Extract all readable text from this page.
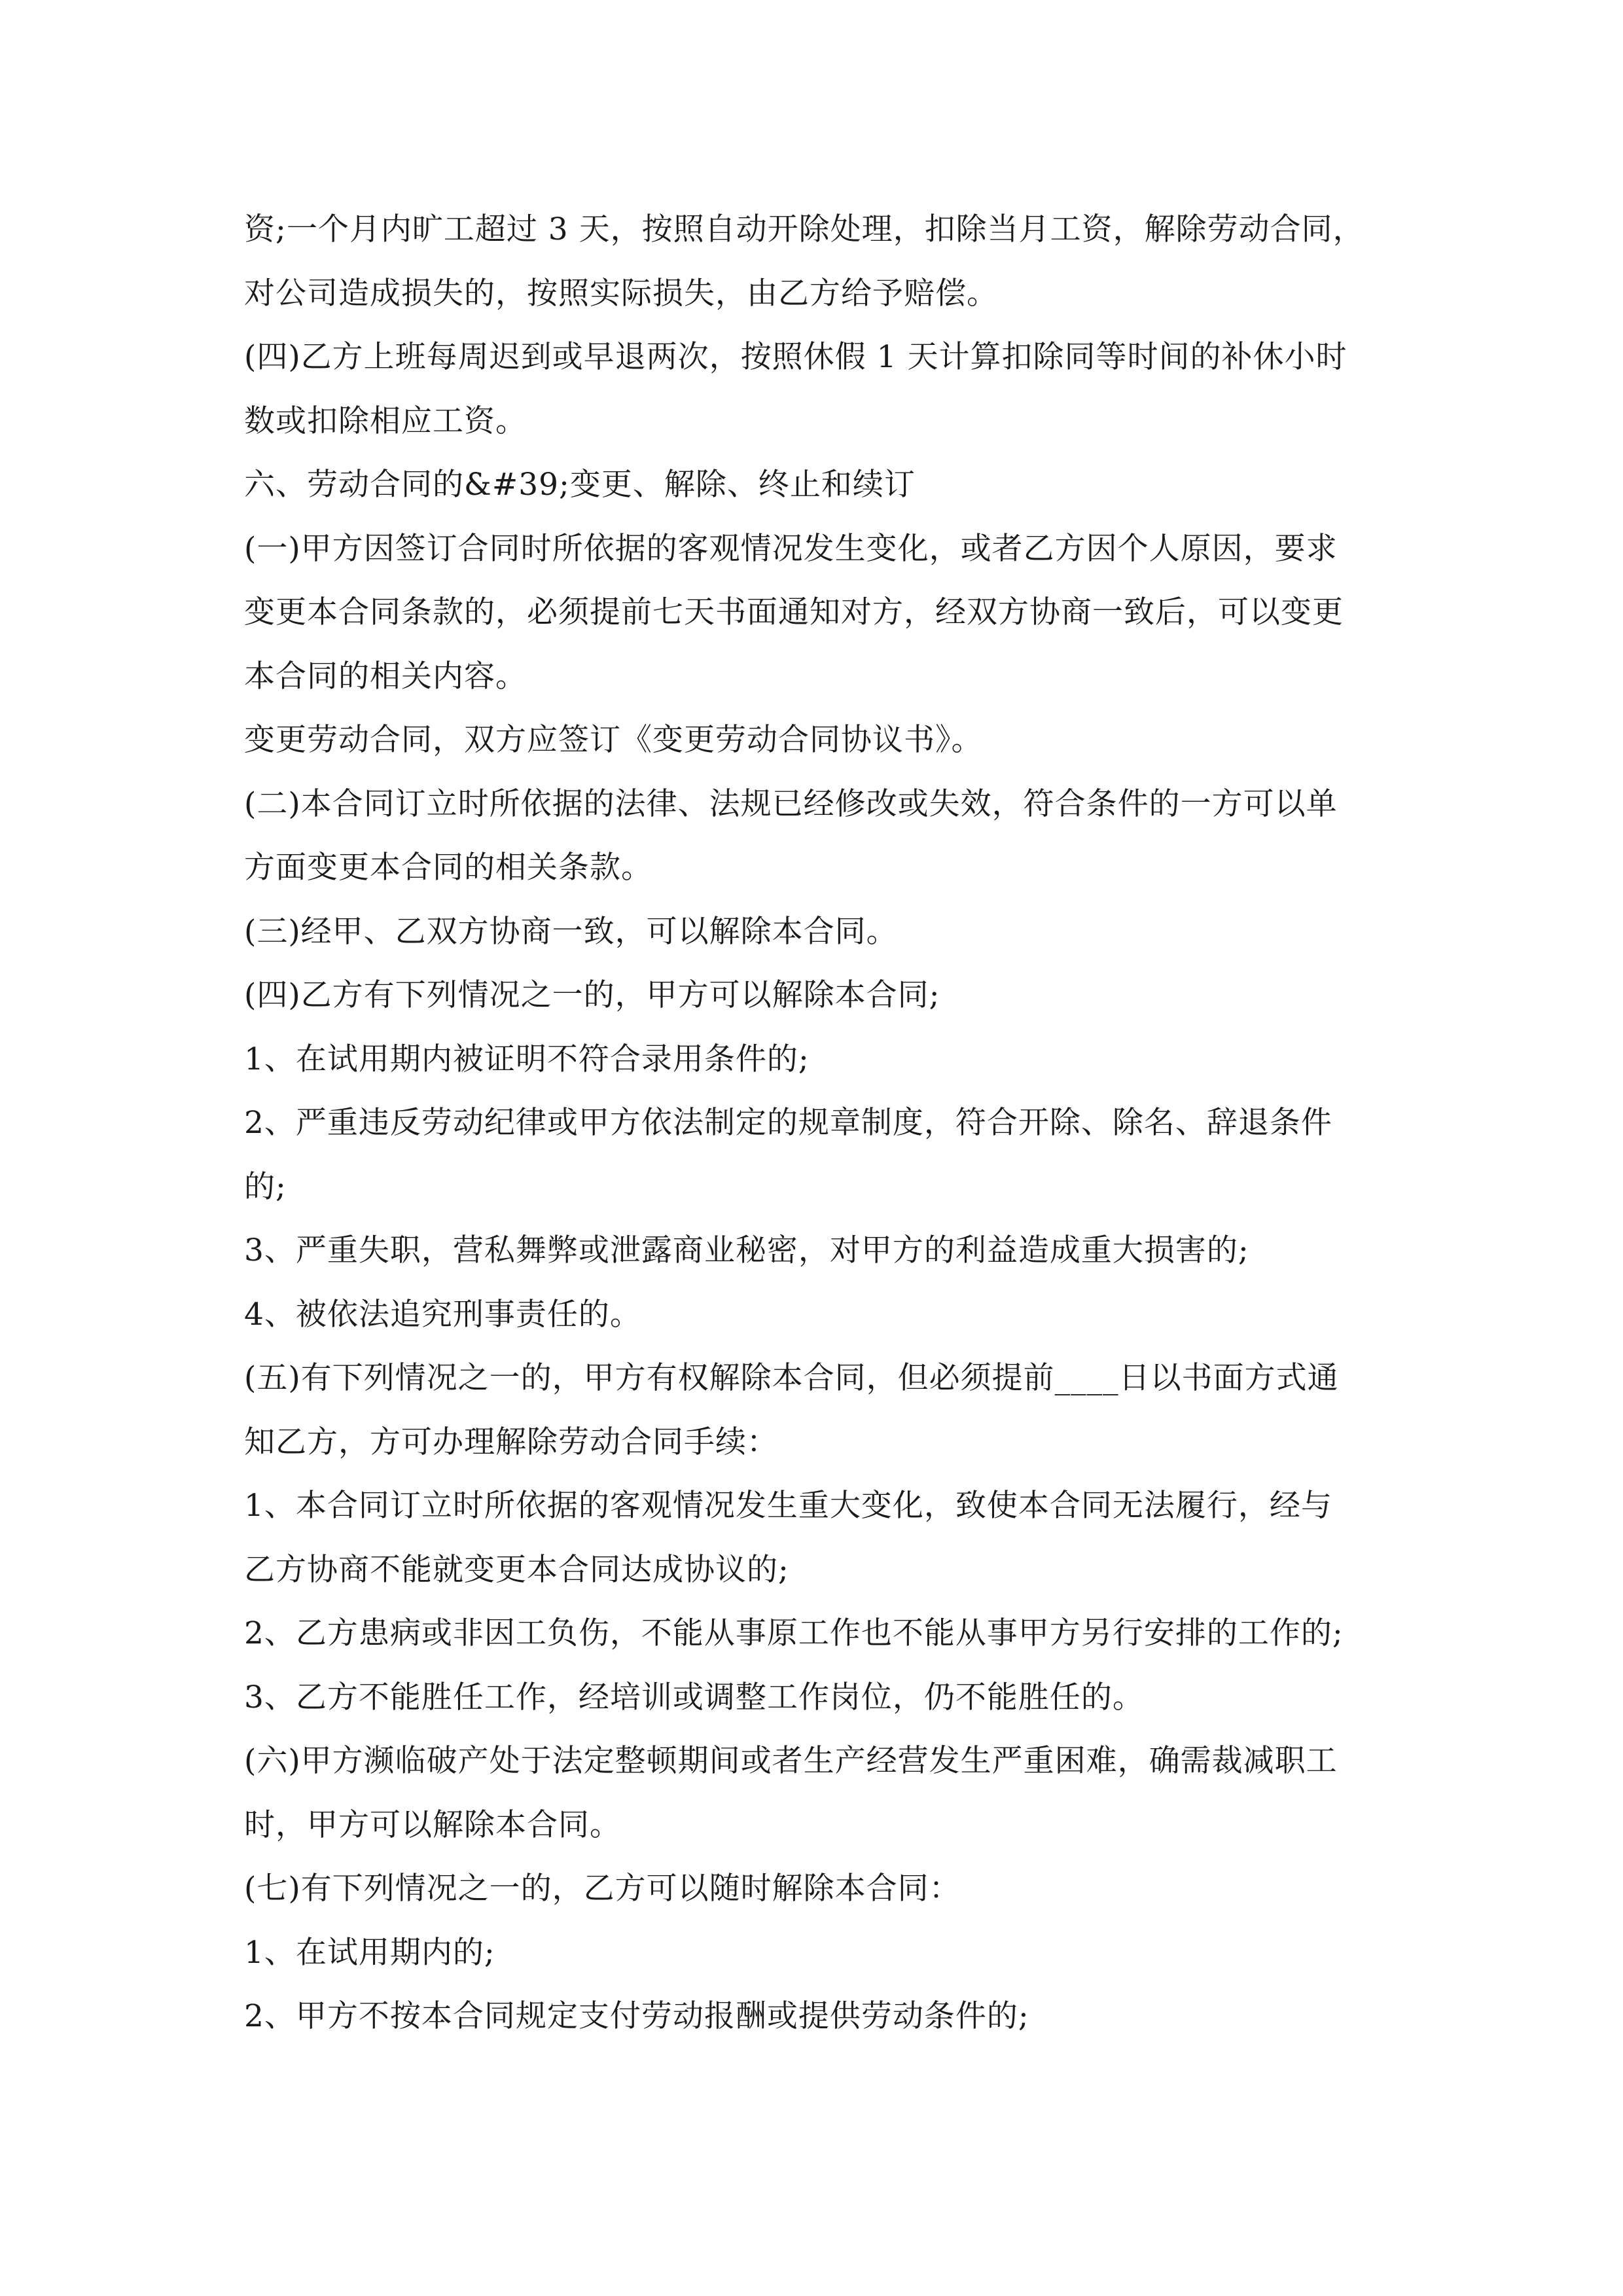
资;一个月内旷工超过 3 天，按照自动开除处理，扣除当月工资，解除劳动合同，
对公司造成损失的，按照实际损失，由乙方给予赔偿。
(四)乙方上班每周迟到或早退两次，按照休假 1 天计算扣除同等时间的补休小时
数或扣除相应工资。
六、劳动合同的&#39;变更、解除、终止和续订
(一)甲方因签订合同时所依据的客观情况发生变化，或者乙方因个人原因，要求
变更本合同条款的，必须提前七天书面通知对方，经双方协商一致后，可以变更
本合同的相关内容。
变更劳动合同，双方应签订《变更劳动合同协议书》。
(二)本合同订立时所依据的法律、法规已经修改或失效，符合条件的一方可以单
方面变更本合同的相关条款。
(三)经甲、乙双方协商一致，可以解除本合同。
(四)乙方有下列情况之一的，甲方可以解除本合同;
1、在试用期内被证明不符合录用条件的;
2、严重违反劳动纪律或甲方依法制定的规章制度，符合开除、除名、辞退条件
的;
3、严重失职，营私舞弊或泄露商业秘密，对甲方的利益造成重大损害的;
4、被依法追究刑事责任的。
(五)有下列情况之一的，甲方有权解除本合同，但必须提前____日以书面方式通
知乙方，方可办理解除劳动合同手续：
1、本合同订立时所依据的客观情况发生重大变化，致使本合同无法履行，经与
乙方协商不能就变更本合同达成协议的;
2、乙方患病或非因工负伤，不能从事原工作也不能从事甲方另行安排的工作的;
3、乙方不能胜任工作，经培训或调整工作岗位，仍不能胜任的。
(六)甲方濒临破产处于法定整顿期间或者生产经营发生严重困难，确需裁减职工
时，甲方可以解除本合同。
(七)有下列情况之一的，乙方可以随时解除本合同：
1、在试用期内的;
2、甲方不按本合同规定支付劳动报酬或提供劳动条件的;
